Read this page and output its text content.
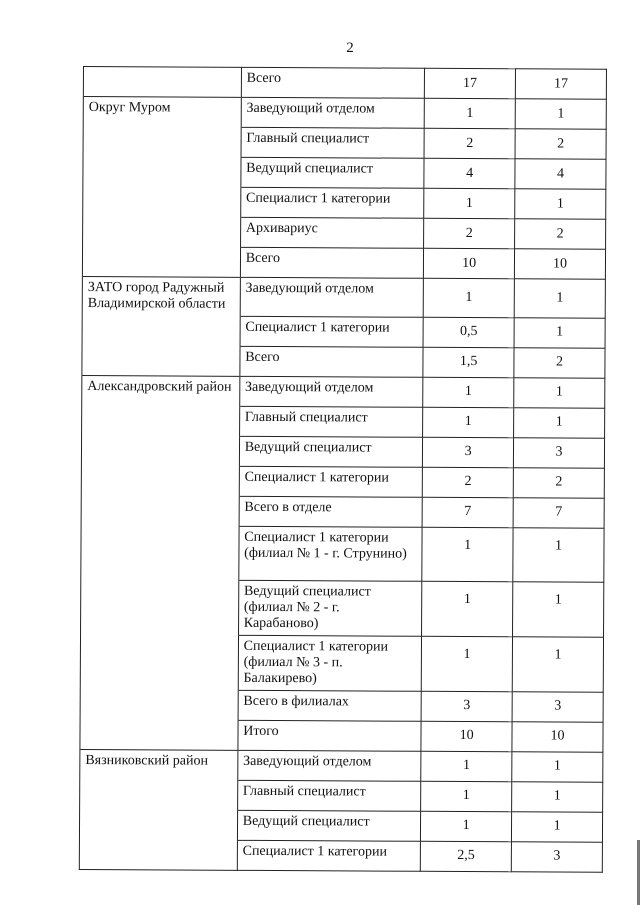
2
	Всего	17	17
Округ Муром	Заведующий отделом	1	1
	Главный специалист	2	2
	Ведущий специалист	4	4
	Специалист 1 категории	1	1
	Архивариус	2	2
	Всего	10	10
ЗАТО город Радужный Владимирской области	Заведующий отделом	1	1
	Специалист 1 категории	0,5	1
	Всего	1,5	2
Александровский район	Заведующий отделом	1	1
	Главный специалист	1	1
	Ведущий специалист	3	3
	Специалист 1 категории	2	2
	Всего в отделе	7	7
	Специалист 1 категории (филиал № 1 - г. Струнино)	1	1
	Ведущий специалист (филиал № 2 - г. Карабаново)	1	1
	Специалист 1 категории (филиал № 3 - п. Балакирево)	1	1
	Всего в филиалах	3	3
	Итого	10	10
Вязниковский район	Заведующий отделом	1	1
	Главный специалист	1	1
	Ведущий специалист	1	1
	Специалист 1 категории	2,5	3
